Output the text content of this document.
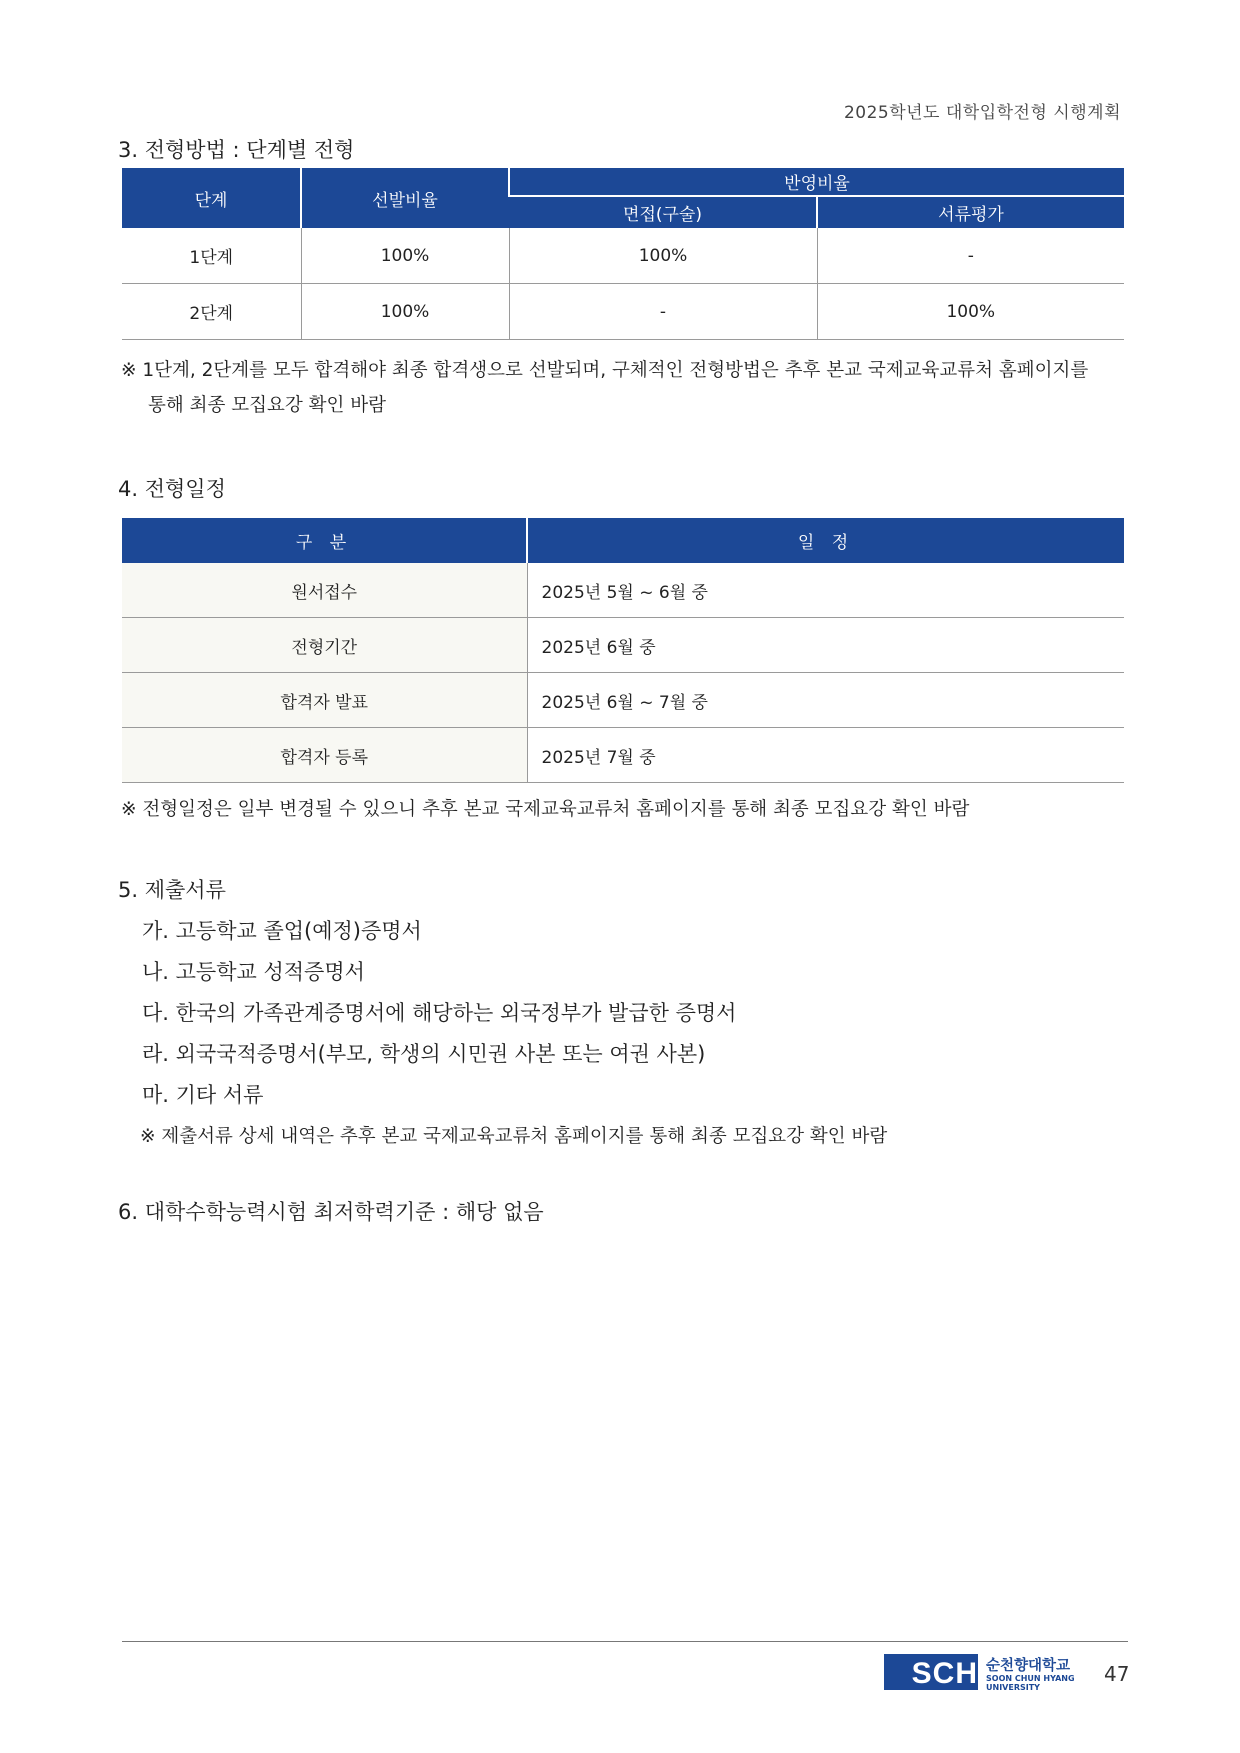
2025학년도 대학입학전형 시행계획
3. 전형방법 : 단계별 전형
단계	선발비율	반영비율	
		면접(구술)	서류평가
1단계	100%	100%	-
2단계	100%	-	100%
※ 1단계, 2단계를 모두 합격해야 최종 합격생으로 선발되며, 구체적인 전형방법은 추후 본교 국제교육교류처 홈페이지를
통해 최종 모집요강 확인 바람
4. 전형일정
구 분	일 정
원서접수	2025년 5월 ~ 6월 중
전형기간	2025년 6월 중
합격자 발표	2025년 6월 ~ 7월 중
합격자 등록	2025년 7월 중
※ 전형일정은 일부 변경될 수 있으니 추후 본교 국제교육교류처 홈페이지를 통해 최종 모집요강 확인 바람
5. 제출서류
가. 고등학교 졸업(예정)증명서
나. 고등학교 성적증명서
다. 한국의 가족관계증명서에 해당하는 외국정부가 발급한 증명서
라. 외국국적증명서(부모, 학생의 시민권 사본 또는 여권 사본)
마. 기타 서류
※ 제출서류 상세 내역은 추후 본교 국제교육교류처 홈페이지를 통해 최종 모집요강 확인 바람
6. 대학수학능력시험 최저학력기준 : 해당 없음
SCH 순천향대학교
SOON CHUN HYANG
UNIVERSITY
47
